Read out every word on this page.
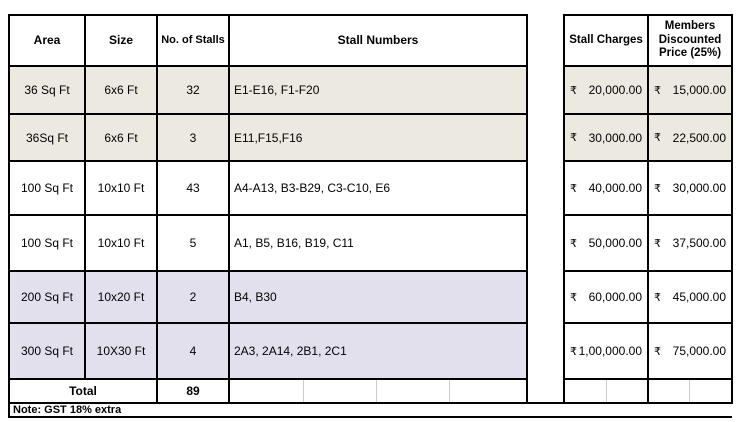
Area	Size	No. of Stalls	Stall Numbers					Stall Charges		Members Discounted Price (25%)	
36 Sq Ft	6x6 Ft	32	E1-E16, F1-F20					₹ 20,000.00		₹ 15,000.00	

36Sq Ft	6x6 Ft	3	E11,F15,F16					₹ 30,000.00		₹ 22,500.00	

100 Sq Ft	10x10 Ft	43	A4-A13, B3-B29, C3-C10, E6					₹ 40,000.00		₹ 30,000.00	

100 Sq Ft	10x10 Ft	5	A1, B5, B16, B19, C11					₹ 50,000.00		₹ 37,500.00	

200 Sq Ft	10x20 Ft	2	B4, B30					₹ 60,000.00		₹ 45,000.00	

300 Sq Ft	10X30 Ft	4	2A3, 2A14, 2B1, 2C1					₹ 1,00,000.00		₹ 75,000.00	

Total		89									
Note: GST 18% extra											
